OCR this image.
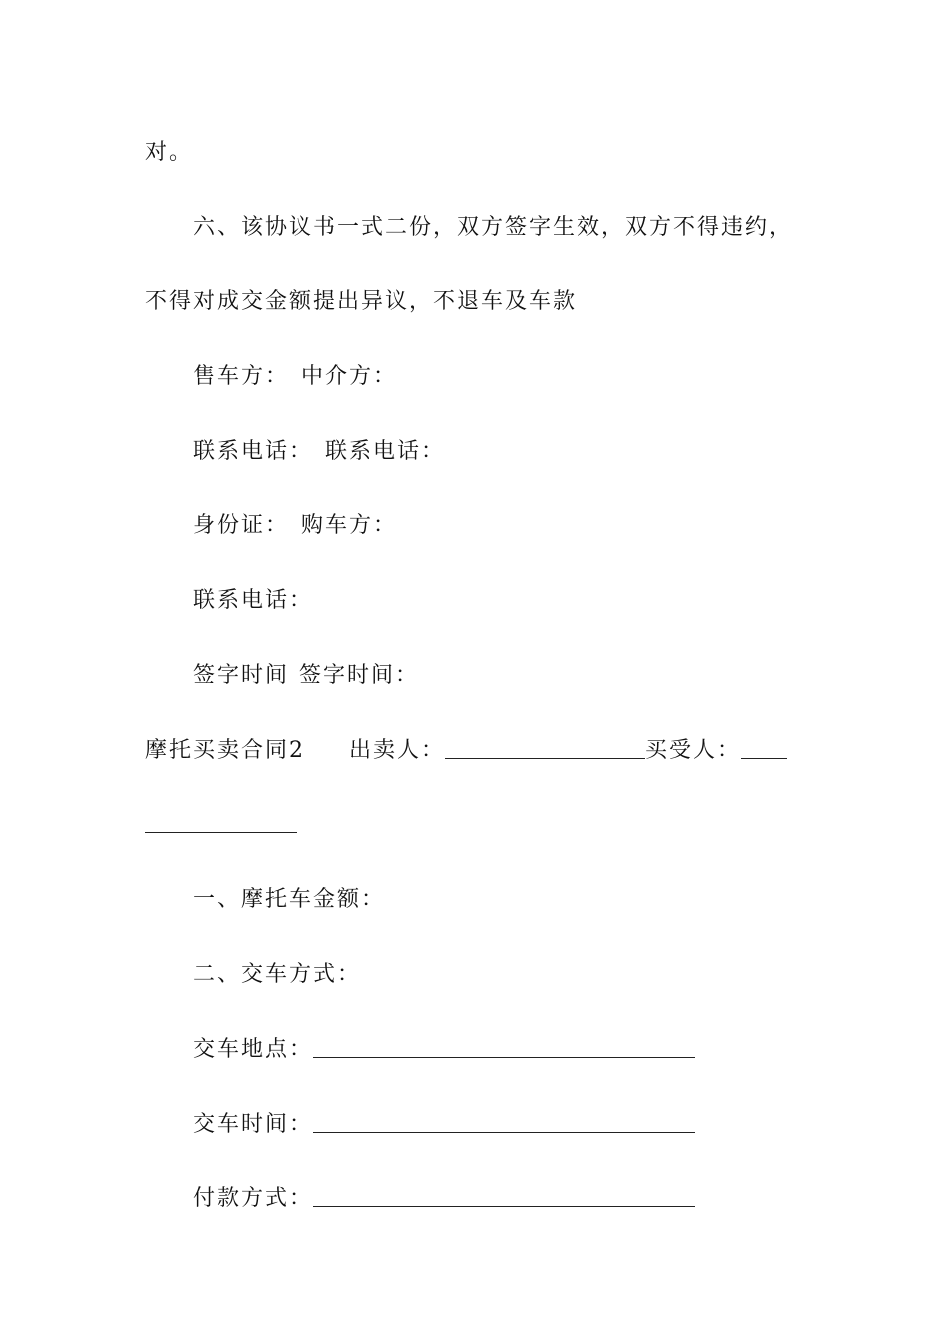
对。
六、该协议书一式二份，双方签字生效，双方不得违约，
不得对成交金额提出异议，不退车及车款
售车方： 中介方：
联系电话： 联系电话：
身份证： 购车方：
联系电话：
签字时间 签字时间：
摩托买卖合同2 出卖人：	买受人：
一、摩托车金额：
二、交车方式：
交车地点：
交车时间：
付款方式：
